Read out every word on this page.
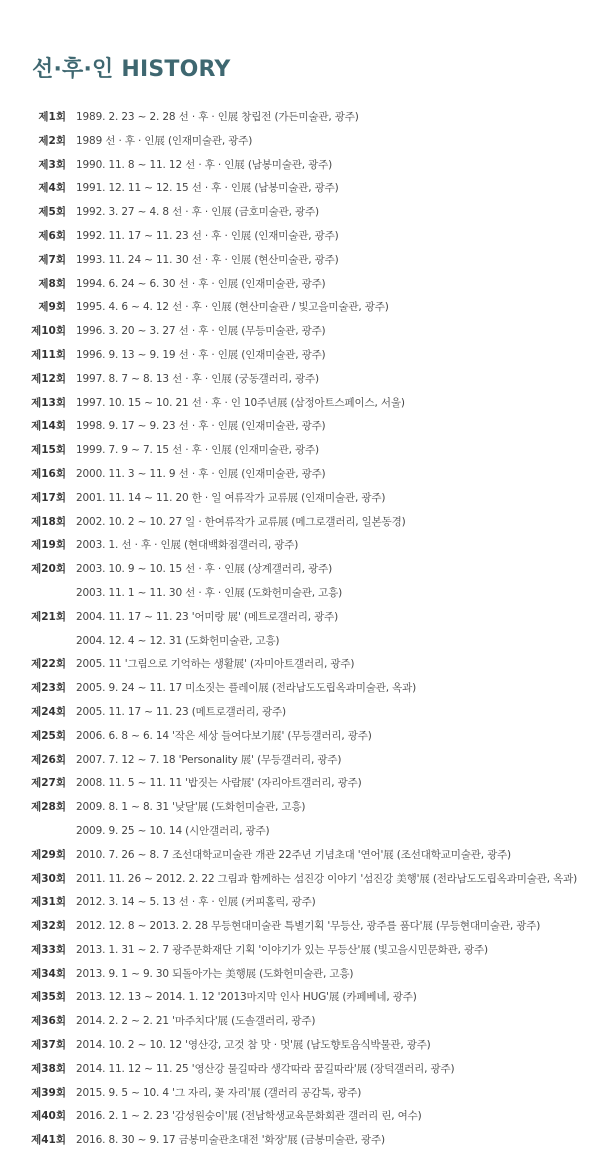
선·후·인 HISTORY
제1회 1989. 2. 23 ~ 2. 28 선 · 후 · 인展 창립전 (가든미술관, 광주)
제2회 1989 선 · 후 · 인展 (인재미술관, 광주)
제3회 1990. 11. 8 ~ 11. 12 선 · 후 · 인展 (남봉미술관, 광주)
제4회 1991. 12. 11 ~ 12. 15 선 · 후 · 인展 (남봉미술관, 광주)
제5회 1992. 3. 27 ~ 4. 8 선 · 후 · 인展 (금호미술관, 광주)
제6회 1992. 11. 17 ~ 11. 23 선 · 후 · 인展 (인재미술관, 광주)
제7회 1993. 11. 24 ~ 11. 30 선 · 후 · 인展 (현산미술관, 광주)
제8회 1994. 6. 24 ~ 6. 30 선 · 후 · 인展 (인재미술관, 광주)
제9회 1995. 4. 6 ~ 4. 12 선 · 후 · 인展 (현산미술관 / 빛고을미술관, 광주)
제10회 1996. 3. 20 ~ 3. 27 선 · 후 · 인展 (무등미술관, 광주)
제11회 1996. 9. 13 ~ 9. 19 선 · 후 · 인展 (인재미술관, 광주)
제12회 1997. 8. 7 ~ 8. 13 선 · 후 · 인展 (궁동갤러리, 광주)
제13회 1997. 10. 15 ~ 10. 21 선 · 후 · 인 10주년展 (삼정아트스페이스, 서울)
제14회 1998. 9. 17 ~ 9. 23 선 · 후 · 인展 (인재미술관, 광주)
제15회 1999. 7. 9 ~ 7. 15 선 · 후 · 인展 (인재미술관, 광주)
제16회 2000. 11. 3 ~ 11. 9 선 · 후 · 인展 (인재미술관, 광주)
제17회 2001. 11. 14 ~ 11. 20 한 · 일 여류작가 교류展 (인재미술관, 광주)
제18회 2002. 10. 2 ~ 10. 27 일 · 한여류작가 교류展 (메그로갤러리, 일본동경)
제19회 2003. 1. 선 · 후 · 인展 (현대백화점갤러리, 광주)
제20회 2003. 10. 9 ~ 10. 15 선 · 후 · 인展 (상계갤러리, 광주)
2003. 11. 1 ~ 11. 30 선 · 후 · 인展 (도화헌미술관, 고흥)
제21회 2004. 11. 17 ~ 11. 23 '어미랑 展' (메트로갤러리, 광주)
2004. 12. 4 ~ 12. 31 (도화헌미술관, 고흥)
제22회 2005. 11 '그림으로 기억하는 생활展' (자미아트갤러리, 광주)
제23회 2005. 9. 24 ~ 11. 17 미소짓는 플레이展 (전라남도도립옥과미술관, 옥과)
제24회 2005. 11. 17 ~ 11. 23 (메트로갤러리, 광주)
제25회 2006. 6. 8 ~ 6. 14 '작은 세상 들여다보기展' (무등갤러리, 광주)
제26회 2007. 7. 12 ~ 7. 18 'Personality 展' (무등갤러리, 광주)
제27회 2008. 11. 5 ~ 11. 11 '밥짓는 사람展' (자리아트갤러리, 광주)
제28회 2009. 8. 1 ~ 8. 31 '낮달'展 (도화헌미술관, 고흥)
2009. 9. 25 ~ 10. 14 (시안갤러리, 광주)
제29회 2010. 7. 26 ~ 8. 7 조선대학교미술관 개관 22주년 기념초대 '연어'展 (조선대학교미술관, 광주)
제30회 2011. 11. 26 ~ 2012. 2. 22 그림과 함께하는 섬진강 이야기 '섬진강 美행'展 (전라남도도립옥과미술관, 옥과)
제31회 2012. 3. 14 ~ 5. 13 선 · 후 · 인展 (커피홀릭, 광주)
제32회 2012. 12. 8 ~ 2013. 2. 28 무등현대미술관 특별기획 '무등산, 광주를 품다'展 (무등현대미술관, 광주)
제33회 2013. 1. 31 ~ 2. 7 광주문화재단 기획 '이야기가 있는 무등산'展 (빛고을시민문화관, 광주)
제34회 2013. 9. 1 ~ 9. 30 되돌아가는 美행展 (도화헌미술관, 고흥)
제35회 2013. 12. 13 ~ 2014. 1. 12 '2013마지막 인사 HUG'展 (카페베네, 광주)
제36회 2014. 2. 2 ~ 2. 21 '마주치다'展 (도솔갤러리, 광주)
제37회 2014. 10. 2 ~ 10. 12 '영산강, 고것 참 맛 · 멋'展 (남도향토음식박물관, 광주)
제38회 2014. 11. 12 ~ 11. 25 '영산강 물길따라 생각따라 꿈길따라'展 (장덕갤러리, 광주)
제39회 2015. 9. 5 ~ 10. 4 '그 자리, 꽃 자리'展 (갤러리 공감톡, 광주)
제40회 2016. 2. 1 ~ 2. 23 '감성원숭이'展 (전남학생교육문화회관 갤러리 린, 여수)
제41회 2016. 8. 30 ~ 9. 17 금봉미술관초대전 '화장'展 (금봉미술관, 광주)
